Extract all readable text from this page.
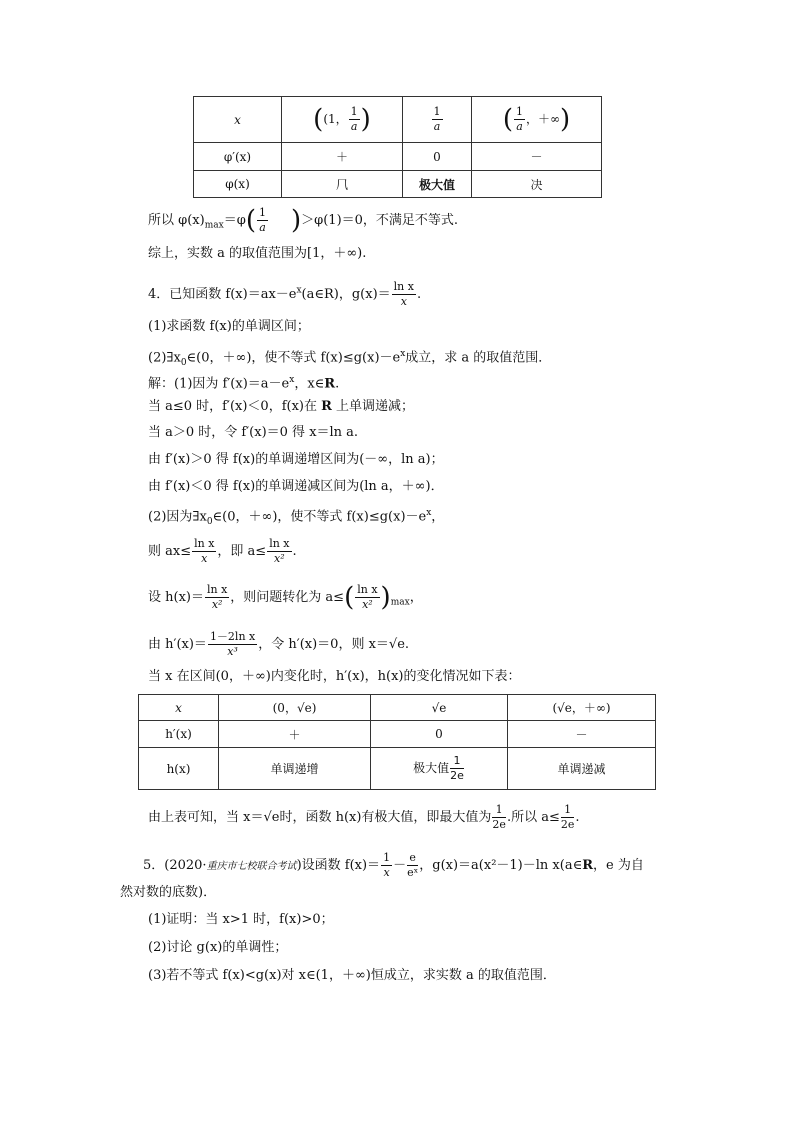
x	((1， $\frac{1}{a}$ )	$\frac{1}{a}$	( $\frac{1}{a}$ ，＋∞)
φ′(x)	＋	0	－
φ(x)	⺇	极大值	决
所以 $\varphi(x)_{max}=\varphi( \frac{1}{a} )>\varphi(1)=0$，不满足不等式.
综上，实数 a 的取值范围为[1，＋∞).
4．已知函数 $f(x)=ax-e^x(a\in R)$，$g(x)= \frac{\text{ln x}}{x}$ .
(1)求函数 f(x)的单调区间；
$(2)\exists x_0\in(0$，＋∞)，使不等式 $f(x)\le g(x)-e^x$成立，求 a 的取值范围．
解：(1)因为 $f'(x)=a-e^x$，x∈R.
当 a≤0 时，f′(x)＜0，f(x)在 R 上单调递减；
当 a＞0 时，令 f′(x)＝0 得 x＝ln a.
由 f′(x)＞0 得 f(x)的单调递增区间为(－∞，ln a)；
由 f′(x)＜0 得 f(x)的单调递减区间为(ln a，＋∞)．
(2)因为$\exists x_0\in(0$，＋∞)，使不等式 $f(x)\le g(x)-e^x$，
则 $ax\le \frac{\text{ln x}}{x}$ ，即 $a\le \frac{\text{ln x}}{\text{x²}}$ .
设 $h(x)= \frac{\text{ln x}}{\text{x²}}$ ，则问题转化为 $a\le( \frac{\text{ln x}}{\text{x²}} )_{max}$，
由 $h'(x)= \frac{\text{1－2ln x}}{\text{x³}}$ ，令 h′(x)＝0，则 x＝√e.
当 x 在区间(0，＋∞)内变化时，h′(x)，h(x)的变化情况如下表：
x	(0，√e)	√e	(√e，＋∞)
h′(x)	＋	0	－
h(x)	单调递增	极大值 $\frac{1}{2e}$	单调递减
由上表可知，当 x＝√e时，函数 h(x)有极大值，即最大值为 $\frac{1}{2e}$ .所以 $a\le \frac{1}{2e}$ .
5．(2020·重庆市七校联合考试)设函数 $f(x)= \frac{1}{x} - \frac{e}{\text{eˣ}}$ ，g(x)＝a(x²－1)－ln x(a∈R，e 为自
然对数的底数)．
(1)证明：当 x>1 时，f(x)>0；
(2)讨论 g(x)的单调性；
(3)若不等式 f(x)<g(x)对 x∈(1，＋∞)恒成立，求实数 a 的取值范围．
